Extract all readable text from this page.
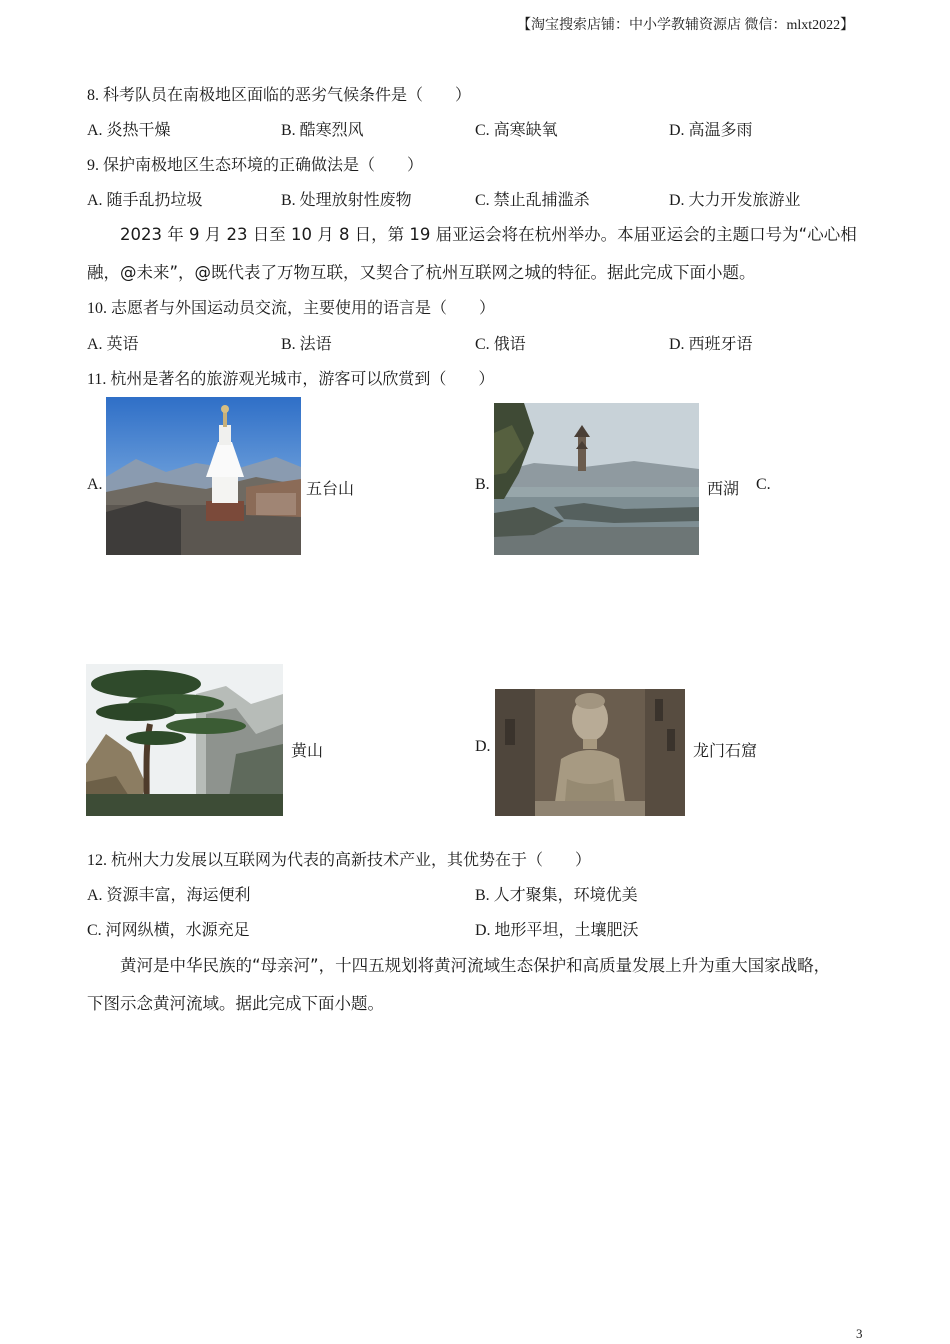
【淘宝搜索店铺：中小学教辅资源店 微信：mlxt2022】
8. 科考队员在南极地区面临的恶劣气候条件是（　　）
A. 炎热干燥	B. 酷寒烈风	C. 高寒缺氧	D. 高温多雨
9. 保护南极地区生态环境的正确做法是（　　）
A. 随手乱扔垃圾	B. 处理放射性废物	C. 禁止乱捕滥杀	D. 大力开发旅游业
2023 年 9 月 23 日至 10 月 8 日，第 19 届亚运会将在杭州举办。本届亚运会的主题口号为“心心相
融，@未来”，@既代表了万物互联，又契合了杭州互联网之城的特征。据此完成下面小题。
10. 志愿者与外国运动员交流，主要使用的语言是（　　）
A. 英语	B. 法语	C. 俄语	D. 西班牙语
11. 杭州是著名的旅游观光城市，游客可以欣赏到（　　）
A.	五台山	B.	西湖 C.
黄山	D.	龙门石窟
12. 杭州大力发展以互联网为代表的高新技术产业，其优势在于（　　）
A. 资源丰富，海运便利	B. 人才聚集，环境优美
C. 河网纵横，水源充足	D. 地形平坦，土壤肥沃
黄河是中华民族的“母亲河”，十四五规划将黄河流域生态保护和高质量发展上升为重大国家战略，
下图示念黄河流域。据此完成下面小题。
3
